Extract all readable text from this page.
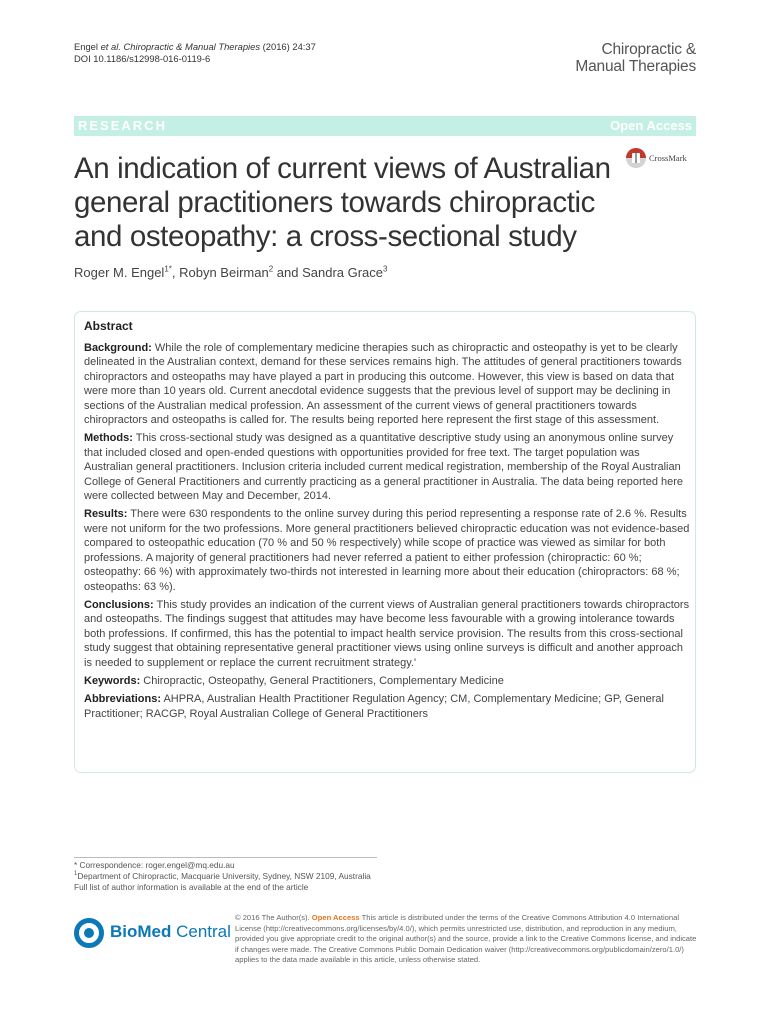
Engel et al. Chiropractic & Manual Therapies (2016) 24:37
DOI 10.1186/s12998-016-0119-6
Chiropractic &
Manual Therapies
RESEARCH	Open Access
An indication of current views of Australian general practitioners towards chiropractic and osteopathy: a cross-sectional study
CrossMark
Roger M. Engel$^{1*}$, Robyn Beirman$^2$ and Sandra Grace$^3$
Abstract

Background: While the role of complementary medicine therapies such as chiropractic and osteopathy is yet to be clearly delineated in the Australian context, demand for these services remains high. The attitudes of general practitioners towards chiropractors and osteopaths may have played a part in producing this outcome. However, this view is based on data that were more than 10 years old. Current anecdotal evidence suggests that the previous level of support may be declining in sections of the Australian medical profession. An assessment of the current views of general practitioners towards chiropractors and osteopaths is called for. The results being reported here represent the first stage of this assessment.

Methods: This cross-sectional study was designed as a quantitative descriptive study using an anonymous online survey that included closed and open-ended questions with opportunities provided for free text. The target population was Australian general practitioners. Inclusion criteria included current medical registration, membership of the Royal Australian College of General Practitioners and currently practicing as a general practitioner in Australia. The data being reported here were collected between May and December, 2014.

Results: There were 630 respondents to the online survey during this period representing a response rate of 2.6 %. Results were not uniform for the two professions. More general practitioners believed chiropractic education was not evidence-based compared to osteopathic education (70 % and 50 % respectively) while scope of practice was viewed as similar for both professions. A majority of general practitioners had never referred a patient to either profession (chiropractic: 60 %; osteopathy: 66 %) with approximately two-thirds not interested in learning more about their education (chiropractors: 68 %; osteopaths: 63 %).

Conclusions: This study provides an indication of the current views of Australian general practitioners towards chiropractors and osteopaths. The findings suggest that attitudes may have become less favourable with a growing intolerance towards both professions. If confirmed, this has the potential to impact health service provision. The results from this cross-sectional study suggest that obtaining representative general practitioner views using online surveys is difficult and another approach is needed to supplement or replace the current recruitment strategy.'

Keywords: Chiropractic, Osteopathy, General Practitioners, Complementary Medicine

Abbreviations: AHPRA, Australian Health Practitioner Regulation Agency; CM, Complementary Medicine; GP, General Practitioner; RACGP, Royal Australian College of General Practitioners

* Correspondence: roger.engel@mq.edu.au
$^1$Department of Chiropractic, Macquarie University, Sydney, NSW 2109, Australia
Full list of author information is available at the end of the article
BioMed Central
© 2016 The Author(s). Open Access This article is distributed under the terms of the Creative Commons Attribution 4.0 International License (http://creativecommons.org/licenses/by/4.0/), which permits unrestricted use, distribution, and reproduction in any medium, provided you give appropriate credit to the original author(s) and the source, provide a link to the Creative Commons license, and indicate if changes were made. The Creative Commons Public Domain Dedication waiver (http://creativecommons.org/publicdomain/zero/1.0/) applies to the data made available in this article, unless otherwise stated.
